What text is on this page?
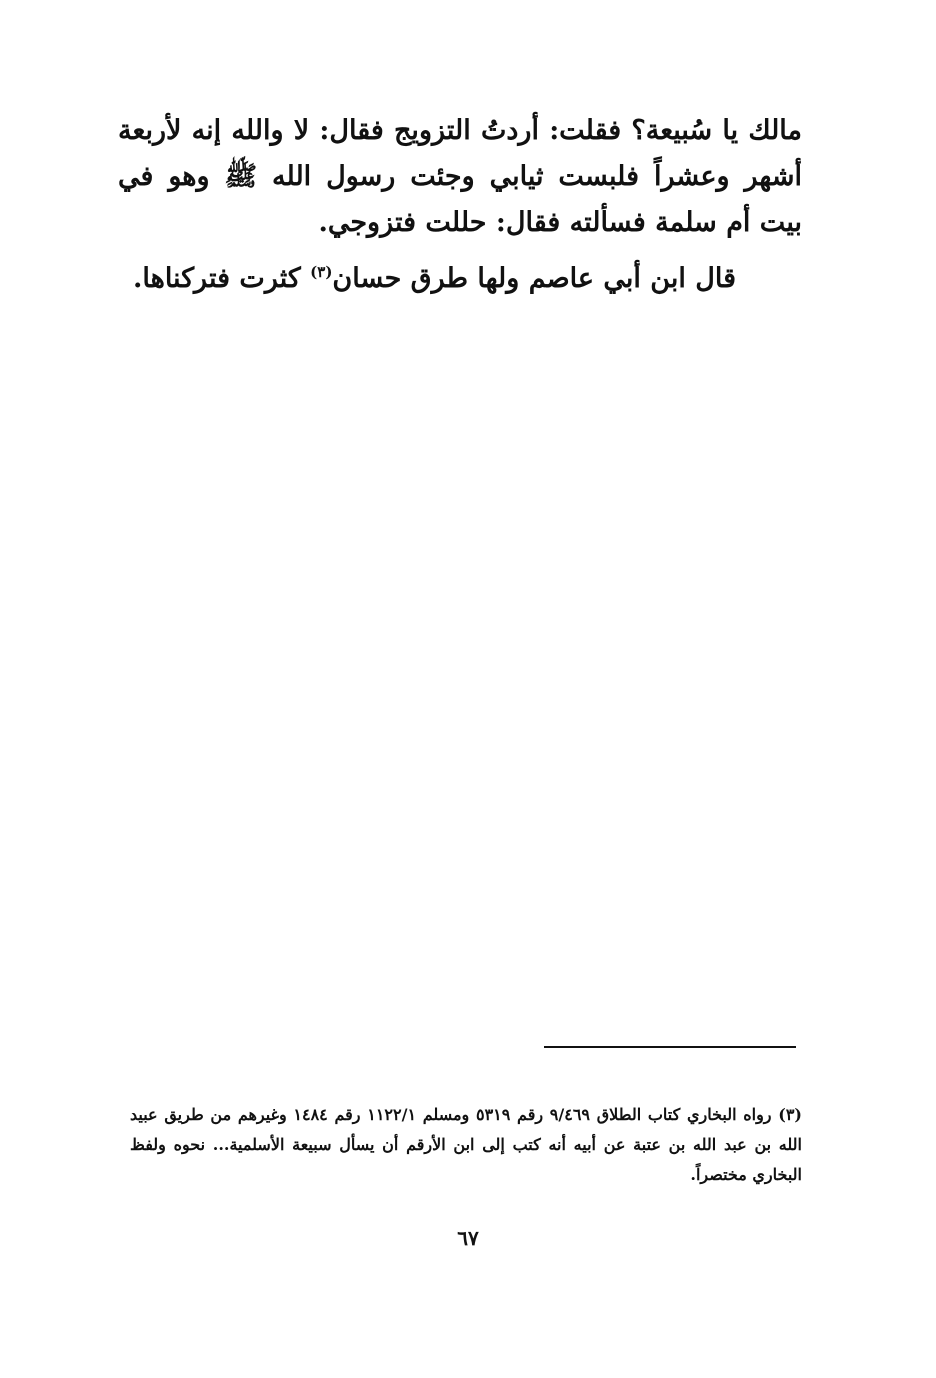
مالك يا سُبيعة؟ فقلت: أردتُ التزويج فقال: لا والله إنه لأربعة أشهر وعشراً فلبست ثيابي وجئت رسول الله ﷺ وهو في بيت أم سلمة فسألته فقال: حللت فتزوجي.

قال ابن أبي عاصم ولها طرق حسان$^{(٣)}$ كثرت فتركناها.

(٣) رواه البخاري كتاب الطلاق ٩/٤٦٩ رقم ٥٣١٩ ومسلم ١١٢٢/١ رقم ١٤٨٤ وغيرهم من طريق عبيد الله بن عبد الله بن عتبة عن أبيه أنه كتب إلى ابن الأرقم أن يسأل سبيعة الأسلمية... نحوه ولفظ البخاري مختصراً.

٦٧
